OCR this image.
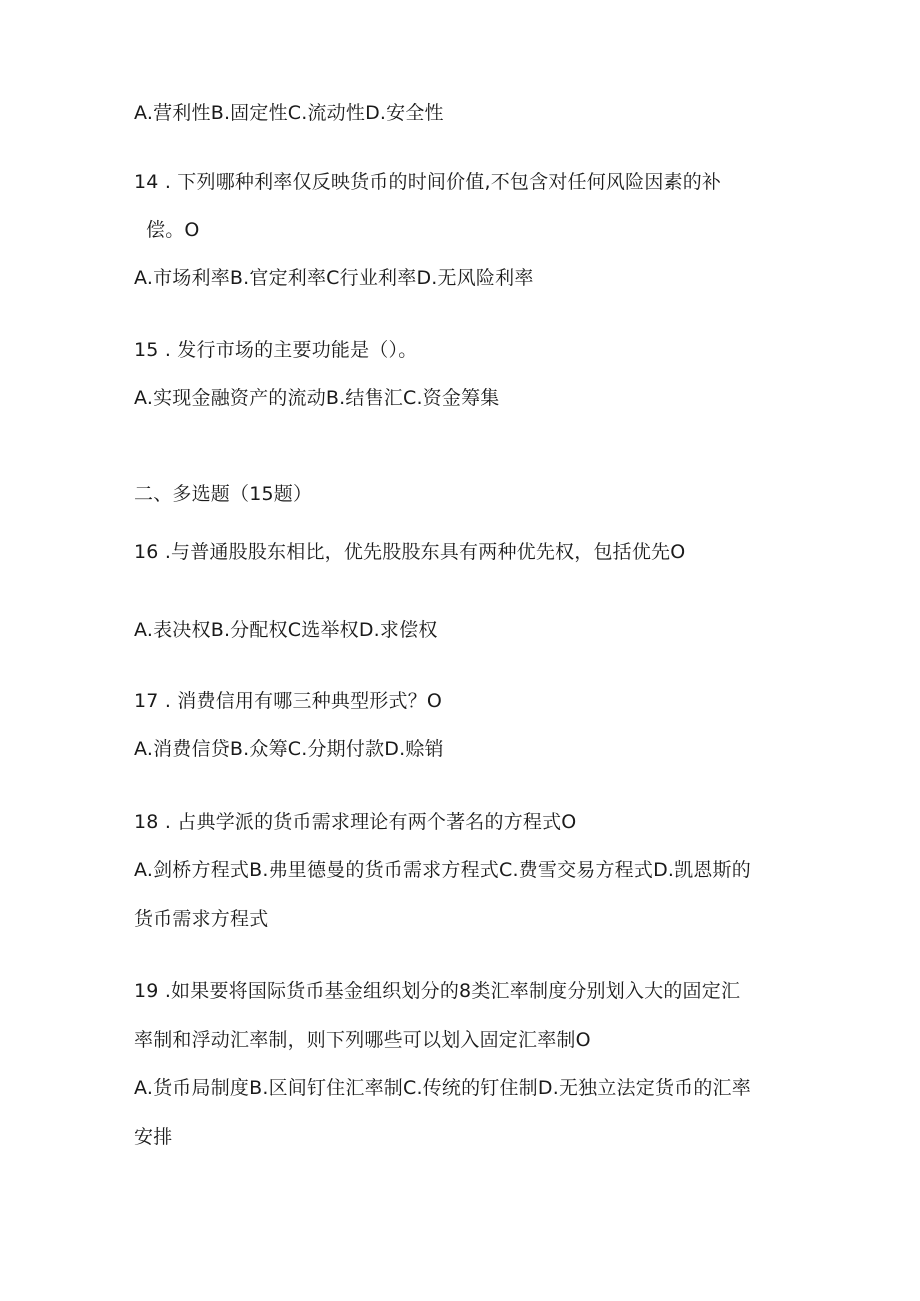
A.营利性B.固定性C.流动性D.安全性
14 . 下列哪种利率仅反映货币的时间价值,不包含对任何风险因素的补
偿。O
A.市场利率B.官定利率C行业利率D.无风险利率
15 . 发行市场的主要功能是（）。
A.实现金融资产的流动B.结售汇C.资金筹集
二、多选题（15题）
16 .与普通股股东相比，优先股股东具有两种优先权，包括优先O
A.表决权B.分配权C选举权D.求偿权
17 . 消费信用有哪三种典型形式？O
A.消费信贷B.众筹C.分期付款D.赊销
18 . 占典学派的货币需求理论有两个著名的方程式O
A.剑桥方程式B.弗里德曼的货币需求方程式C.费雪交易方程式D.凯恩斯的
货币需求方程式
19 .如果要将国际货币基金组织划分的8类汇率制度分别划入大的固定汇
率制和浮动汇率制，则下列哪些可以划入固定汇率制O
A.货币局制度B.区间钉住汇率制C.传统的钉住制D.无独立法定货币的汇率
安排
